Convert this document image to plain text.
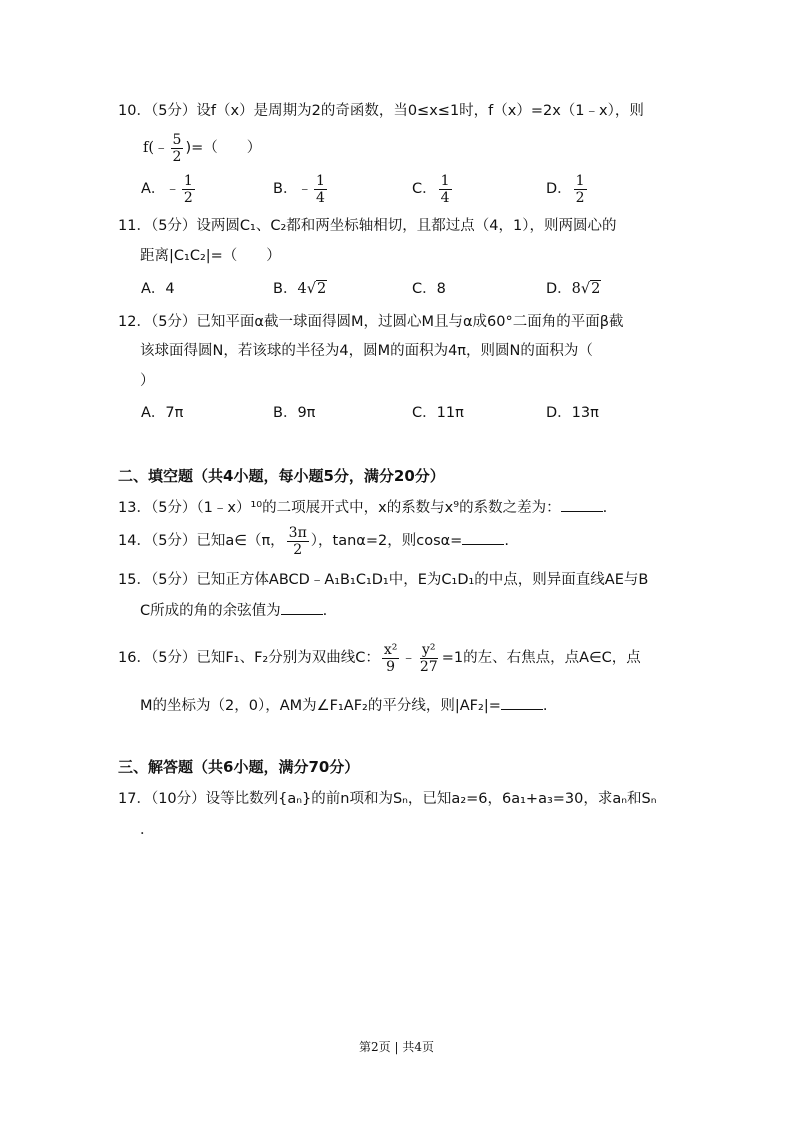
10．（5分）设f（x）是周期为2的奇函数，当0≤x≤1时，f（x）=2x（1﹣x），则
f(﹣ $\frac{5}{2}$ )=（　　）
A．﹣ $\frac{1}{2}$	B．﹣ $\frac{1}{4}$	C． $\frac{1}{4}$	D． $\frac{1}{2}$
11．（5分）设两圆C₁、C₂都和两坐标轴相切，且都过点（4，1），则两圆心的
距离|C₁C₂|=（　　）
A．4	B．4√2	C．8	D．8√2
12．（5分）已知平面α截一球面得圆M，过圆心M且与α成60°二面角的平面β截
该球面得圆N，若该球的半径为4，圆M的面积为4π，则圆N的面积为（
）
A．7π	B．9π	C．11π	D．13π
二、填空题（共4小题，每小题5分，满分20分）
13．（5分）（1﹣x）¹⁰的二项展开式中，x的系数与x⁹的系数之差为：	.
14．（5分）已知a∈（π， $\frac{3\pi}{2}$ ），tanα=2，则cosα=	.
15．（5分）已知正方体ABCD﹣A₁B₁C₁D₁中，E为C₁D₁的中点，则异面直线AE与B
C所成的角的余弦值为	.
16．（5分）已知F₁、F₂分别为双曲线C： $\frac{\text{x²}}{9}$ ﹣ $\frac{\text{y²}}{27} =1$的左、右焦点，点A∈C，点
M的坐标为（2，0），AM为∠F₁AF₂的平分线，则|AF₂|=	.
三、解答题（共6小题，满分70分）
17．（10分）设等比数列{aₙ}的前n项和为Sₙ，已知a₂=6，6a₁+a₃=30，求aₙ和Sₙ
．
第2页 | 共4页
